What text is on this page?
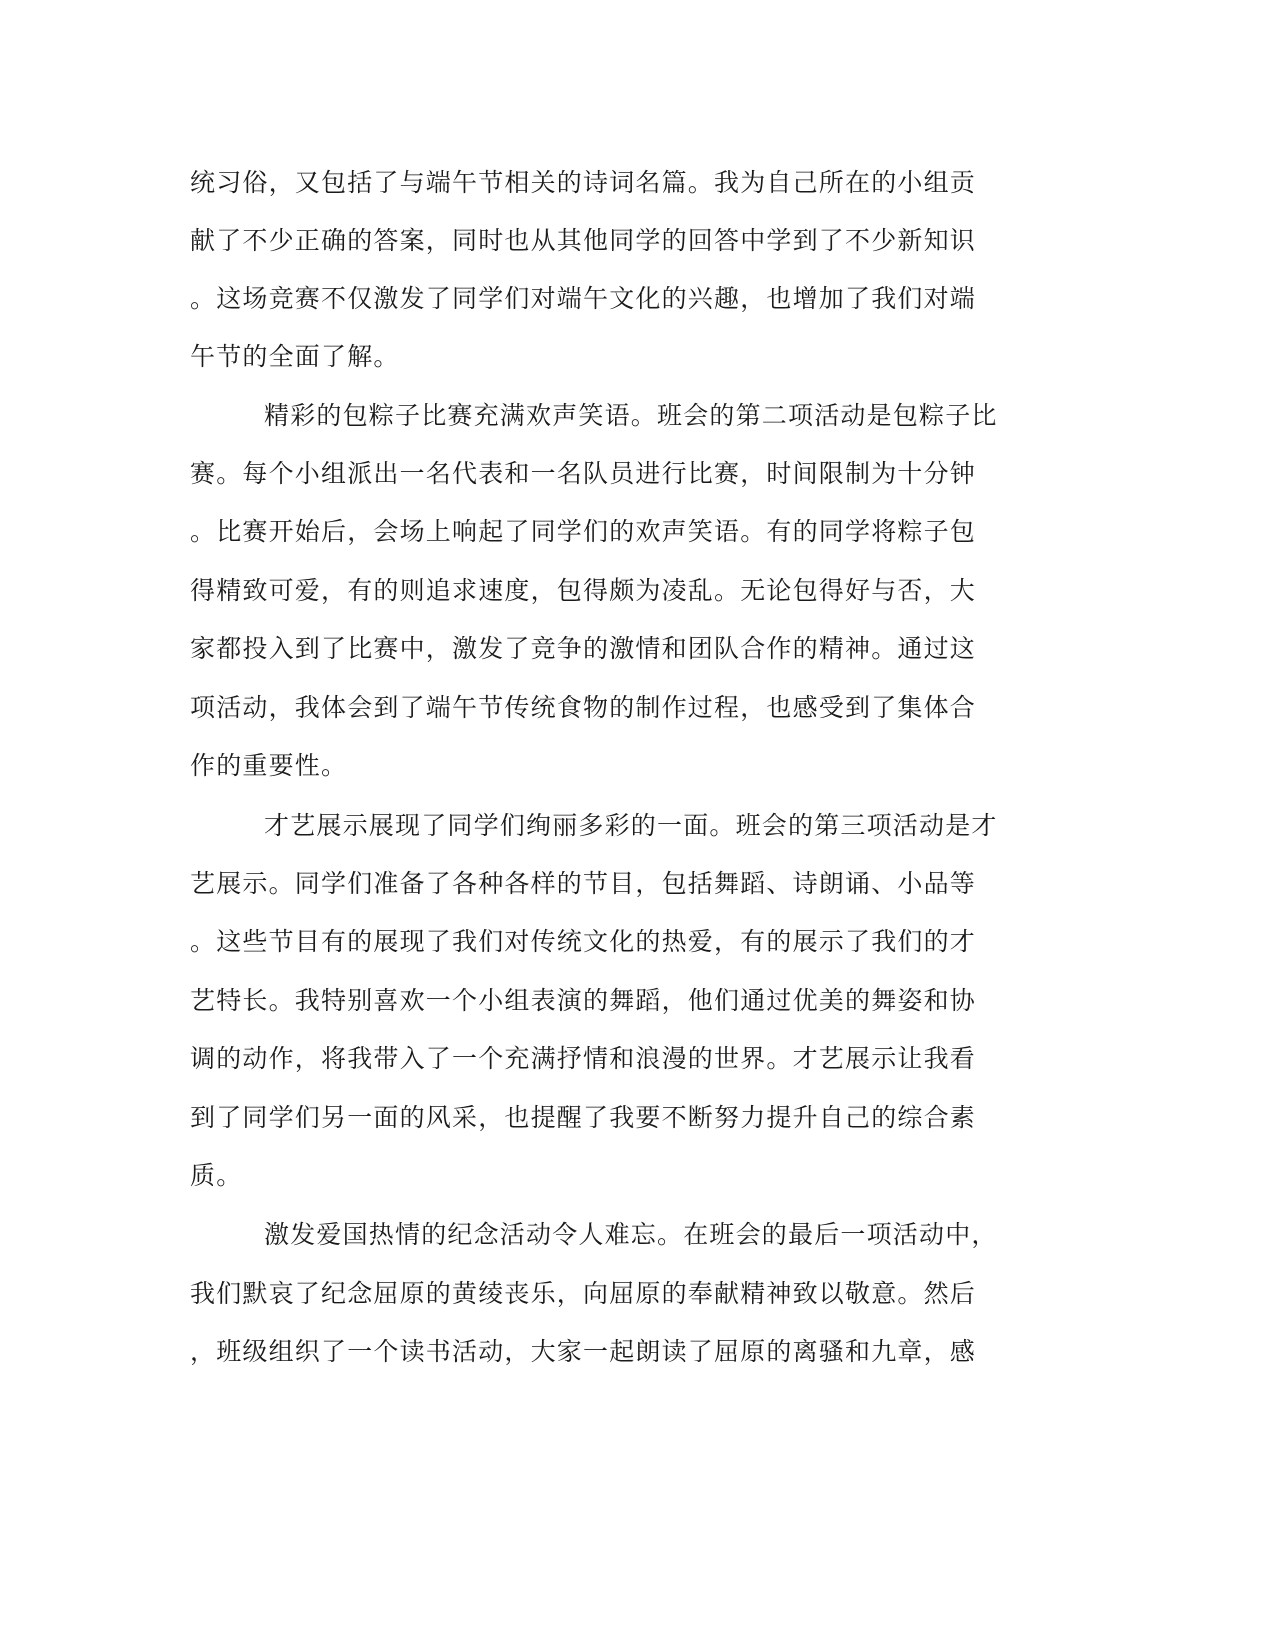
统习俗，又包括了与端午节相关的诗词名篇。我为自己所在的小组贡
献了不少正确的答案，同时也从其他同学的回答中学到了不少新知识
。这场竞赛不仅激发了同学们对端午文化的兴趣，也增加了我们对端
午节的全面了解。
精彩的包粽子比赛充满欢声笑语。班会的第二项活动是包粽子比
赛。每个小组派出一名代表和一名队员进行比赛，时间限制为十分钟
。比赛开始后，会场上响起了同学们的欢声笑语。有的同学将粽子包
得精致可爱，有的则追求速度，包得颇为凌乱。无论包得好与否，大
家都投入到了比赛中，激发了竞争的激情和团队合作的精神。通过这
项活动，我体会到了端午节传统食物的制作过程，也感受到了集体合
作的重要性。
才艺展示展现了同学们绚丽多彩的一面。班会的第三项活动是才
艺展示。同学们准备了各种各样的节目，包括舞蹈、诗朗诵、小品等
。这些节目有的展现了我们对传统文化的热爱，有的展示了我们的才
艺特长。我特别喜欢一个小组表演的舞蹈，他们通过优美的舞姿和协
调的动作，将我带入了一个充满抒情和浪漫的世界。才艺展示让我看
到了同学们另一面的风采，也提醒了我要不断努力提升自己的综合素
质。
激发爱国热情的纪念活动令人难忘。在班会的最后一项活动中，
我们默哀了纪念屈原的黄绫丧乐，向屈原的奉献精神致以敬意。然后
，班级组织了一个读书活动，大家一起朗读了屈原的离骚和九章，感
